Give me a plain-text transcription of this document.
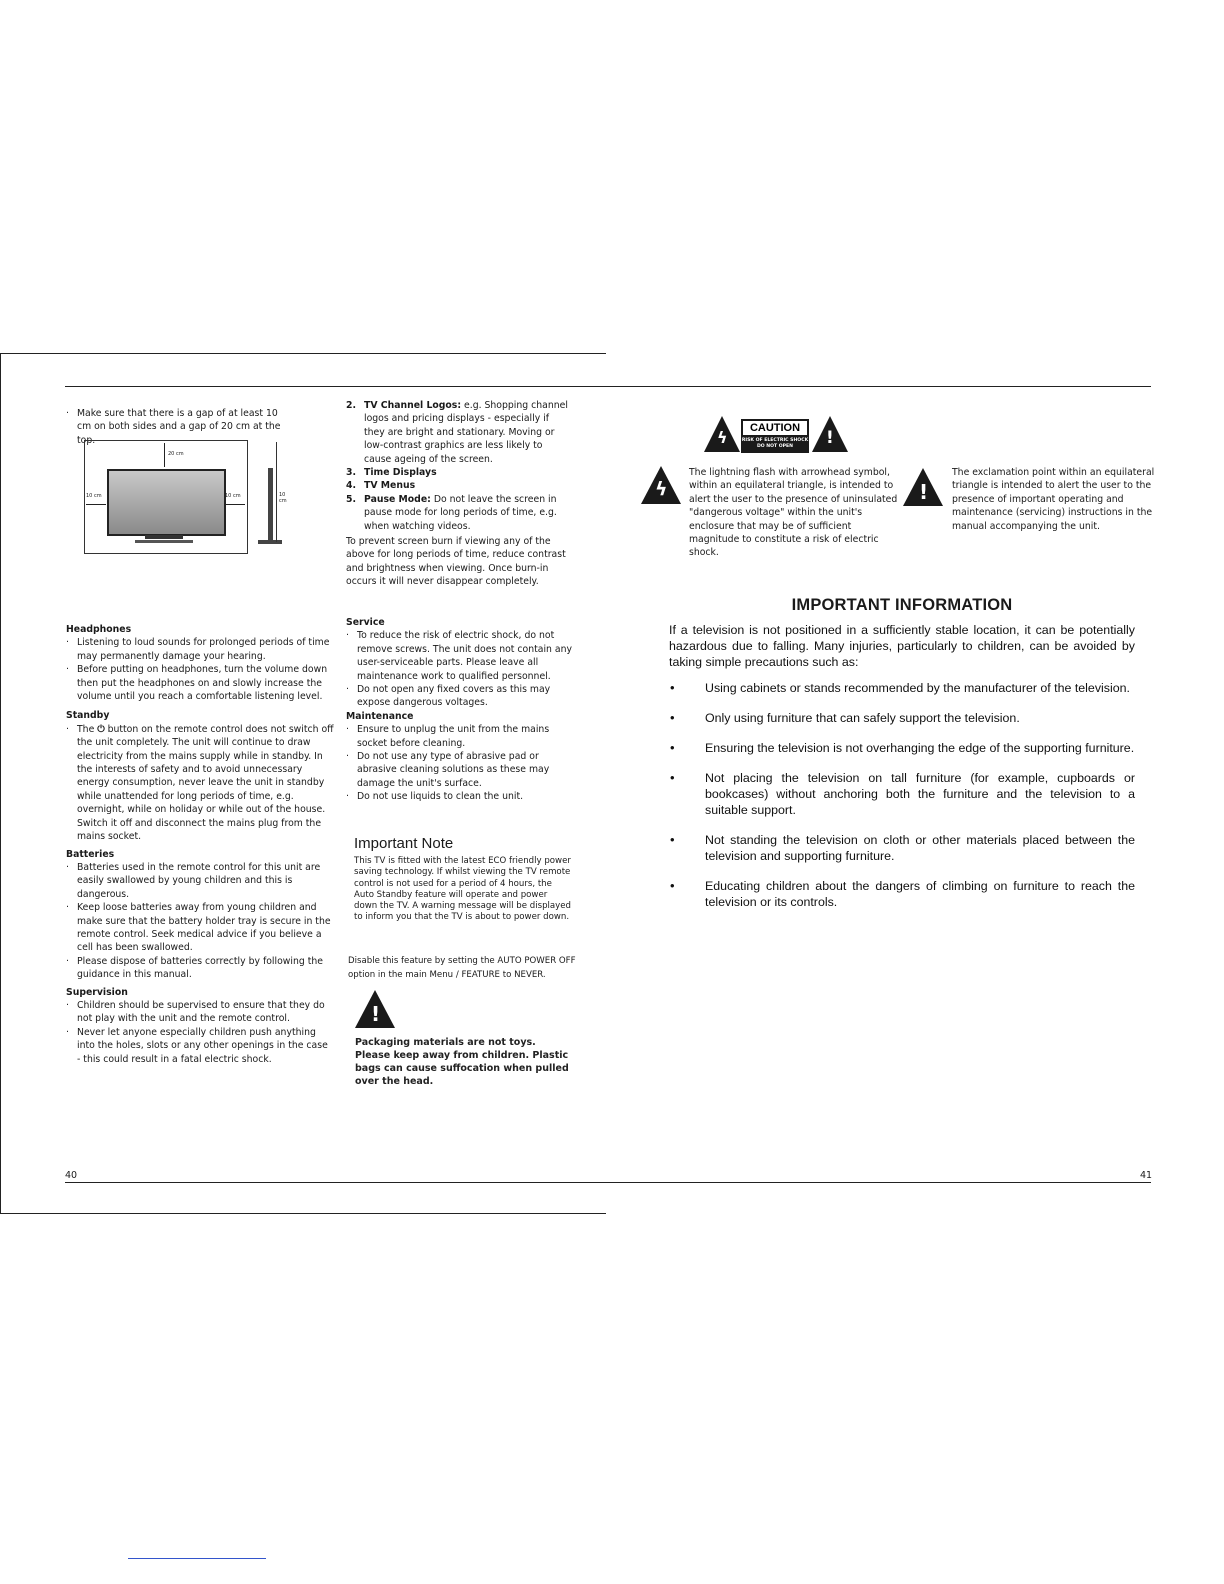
40	41

· Make sure that there is a gap of at least 10 cm on both sides and a gap of 20 cm at the top.

20 cm
10 cm	10 cm	10 cm

Headphones

· Listening to loud sounds for prolonged periods of time may permanently damage your hearing.

· Before putting on headphones, turn the volume down then put the headphones on and slowly increase the volume until you reach a comfortable listening level.

Standby

· The ⏻ button on the remote control does not switch off the unit completely. The unit will continue to draw electricity from the mains supply while in standby. In the interests of safety and to avoid unnecessary energy consumption, never leave the unit in standby while unattended for long periods of time, e.g. overnight, while on holiday or while out of the house. Switch it off and disconnect the mains plug from the mains socket.

Batteries

· Batteries used in the remote control for this unit are easily swallowed by young children and this is dangerous.

· Keep loose batteries away from young children and make sure that the battery holder tray is secure in the remote control. Seek medical advice if you believe a cell has been swallowed.

· Please dispose of batteries correctly by following the guidance in this manual.

Supervision

· Children should be supervised to ensure that they do not play with the unit and the remote control.

· Never let anyone especially children push anything into the holes, slots or any other openings in the case - this could result in a fatal electric shock.

2. TV Channel Logos: e.g. Shopping channel logos and pricing displays - especially if they are bright and stationary. Moving or low-contrast graphics are less likely to cause ageing of the screen.

3. Time Displays

4. TV Menus

5. Pause Mode: Do not leave the screen in pause mode for long periods of time, e.g. when watching videos.

To prevent screen burn if viewing any of the above for long periods of time, reduce contrast and brightness when viewing. Once burn-in occurs it will never disappear completely.

Service

· To reduce the risk of electric shock, do not remove screws. The unit does not contain any user-serviceable parts. Please leave all maintenance work to qualified personnel.

· Do not open any fixed covers as this may expose dangerous voltages.

Maintenance

· Ensure to unplug the unit from the mains socket before cleaning.

· Do not use any type of abrasive pad or abrasive cleaning solutions as these may damage the unit's surface.

· Do not use liquids to clean the unit.

Important Note
This TV is fitted with the latest ECO friendly power saving technology. If whilst viewing the TV remote control is not used for a period of 4 hours, the Auto Standby feature will operate and power down the TV. A warning message will be displayed to inform you that the TV is about to power down.
Disable this feature by setting the AUTO POWER OFF option in the main Menu / FEATURE to NEVER.
!
Packaging materials are not toys. Please keep away from children. Plastic bags can cause suffocation when pulled over the head.
ϟ	CAUTION
RISK OF ELECTRIC SHOCK
DO NOT OPEN	!
ϟ
The lightning flash with arrowhead symbol, within an equilateral triangle, is intended to alert the user to the presence of uninsulated "dangerous voltage" within the unit's enclosure that may be of sufficient magnitude to constitute a risk of electric shock.
!
The exclamation point within an equilateral triangle is intended to alert the user to the presence of important operating and maintenance (servicing) instructions in the manual accompanying the unit.
IMPORTANT INFORMATION
If a television is not positioned in a sufficiently stable location, it can be potentially hazardous due to falling. Many injuries, particularly to children, can be avoided by taking simple precautions such as:

• Using cabinets or stands recommended by the manufacturer of the television.

• Only using furniture that can safely support the television.

• Ensuring the television is not overhanging the edge of the supporting furniture.

• Not placing the television on tall furniture (for example, cupboards or bookcases) without anchoring both the furniture and the television to a suitable support.

• Not standing the television on cloth or other materials placed between the television and supporting furniture.

• Educating children about the dangers of climbing on furniture to reach the television or its controls.
